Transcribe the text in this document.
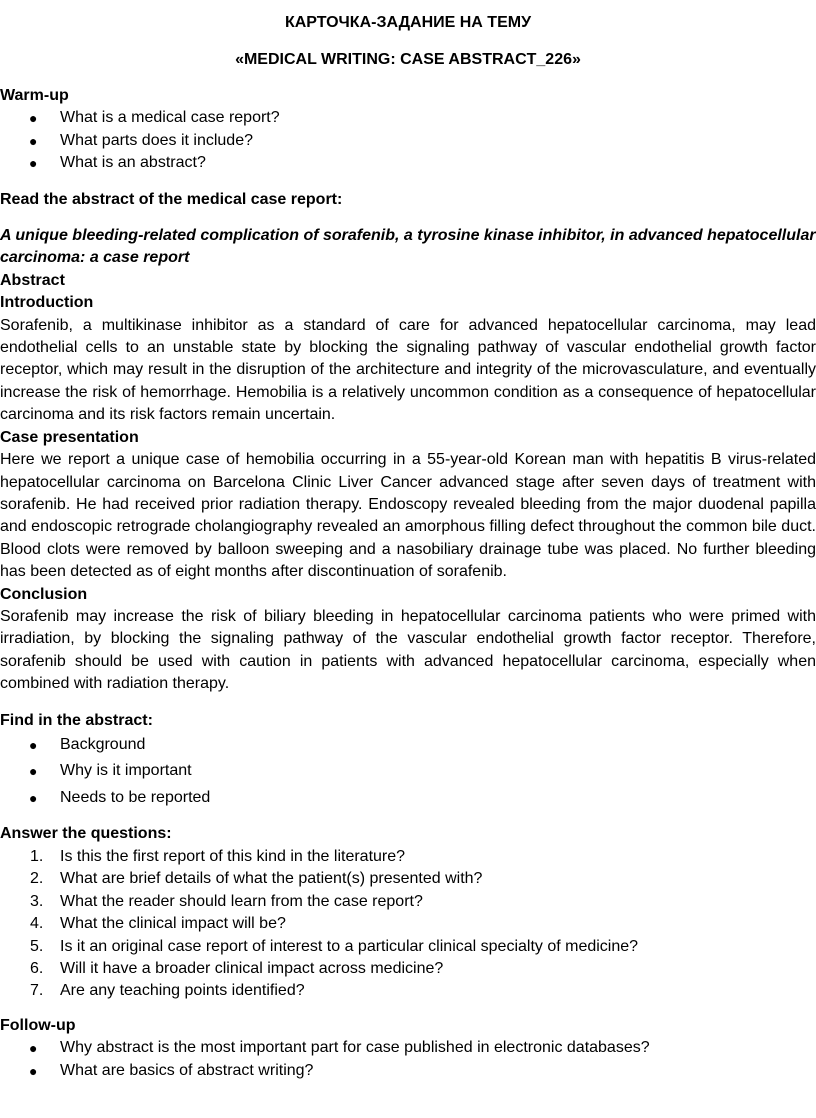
КАРТОЧКА-ЗАДАНИЕ НА ТЕМУ
«MEDICAL WRITING: CASE ABSTRACT_226»
Warm-up
● What is a medical case report?
● What parts does it include?
● What is an abstract?
Read the abstract of the medical case report:
A unique bleeding-related complication of sorafenib, a tyrosine kinase inhibitor, in advanced hepatocellular carcinoma: a case report
Abstract
Introduction
Sorafenib, a multikinase inhibitor as a standard of care for advanced hepatocellular carcinoma, may lead endothelial cells to an unstable state by blocking the signaling pathway of vascular endothelial growth factor receptor, which may result in the disruption of the architecture and integrity of the microvasculature, and eventually increase the risk of hemorrhage. Hemobilia is a relatively uncommon condition as a consequence of hepatocellular carcinoma and its risk factors remain uncertain.
Case presentation
Here we report a unique case of hemobilia occurring in a 55-year-old Korean man with hepatitis B virus-related hepatocellular carcinoma on Barcelona Clinic Liver Cancer advanced stage after seven days of treatment with sorafenib. He had received prior radiation therapy. Endoscopy revealed bleeding from the major duodenal papilla and endoscopic retrograde cholangiography revealed an amorphous filling defect throughout the common bile duct. Blood clots were removed by balloon sweeping and a nasobiliary drainage tube was placed. No further bleeding has been detected as of eight months after discontinuation of sorafenib.
Conclusion
Sorafenib may increase the risk of biliary bleeding in hepatocellular carcinoma patients who were primed with irradiation, by blocking the signaling pathway of the vascular endothelial growth factor receptor. Therefore, sorafenib should be used with caution in patients with advanced hepatocellular carcinoma, especially when combined with radiation therapy.
Find in the abstract:
● Background
● Why is it important
● Needs to be reported
Answer the questions:
1. Is this the first report of this kind in the literature?
2. What are brief details of what the patient(s) presented with?
3. What the reader should learn from the case report?
4. What the clinical impact will be?
5. Is it an original case report of interest to a particular clinical specialty of medicine?
6. Will it have a broader clinical impact across medicine?
7. Are any teaching points identified?
Follow-up
● Why abstract is the most important part for case published in electronic databases?
● What are basics of abstract writing?
